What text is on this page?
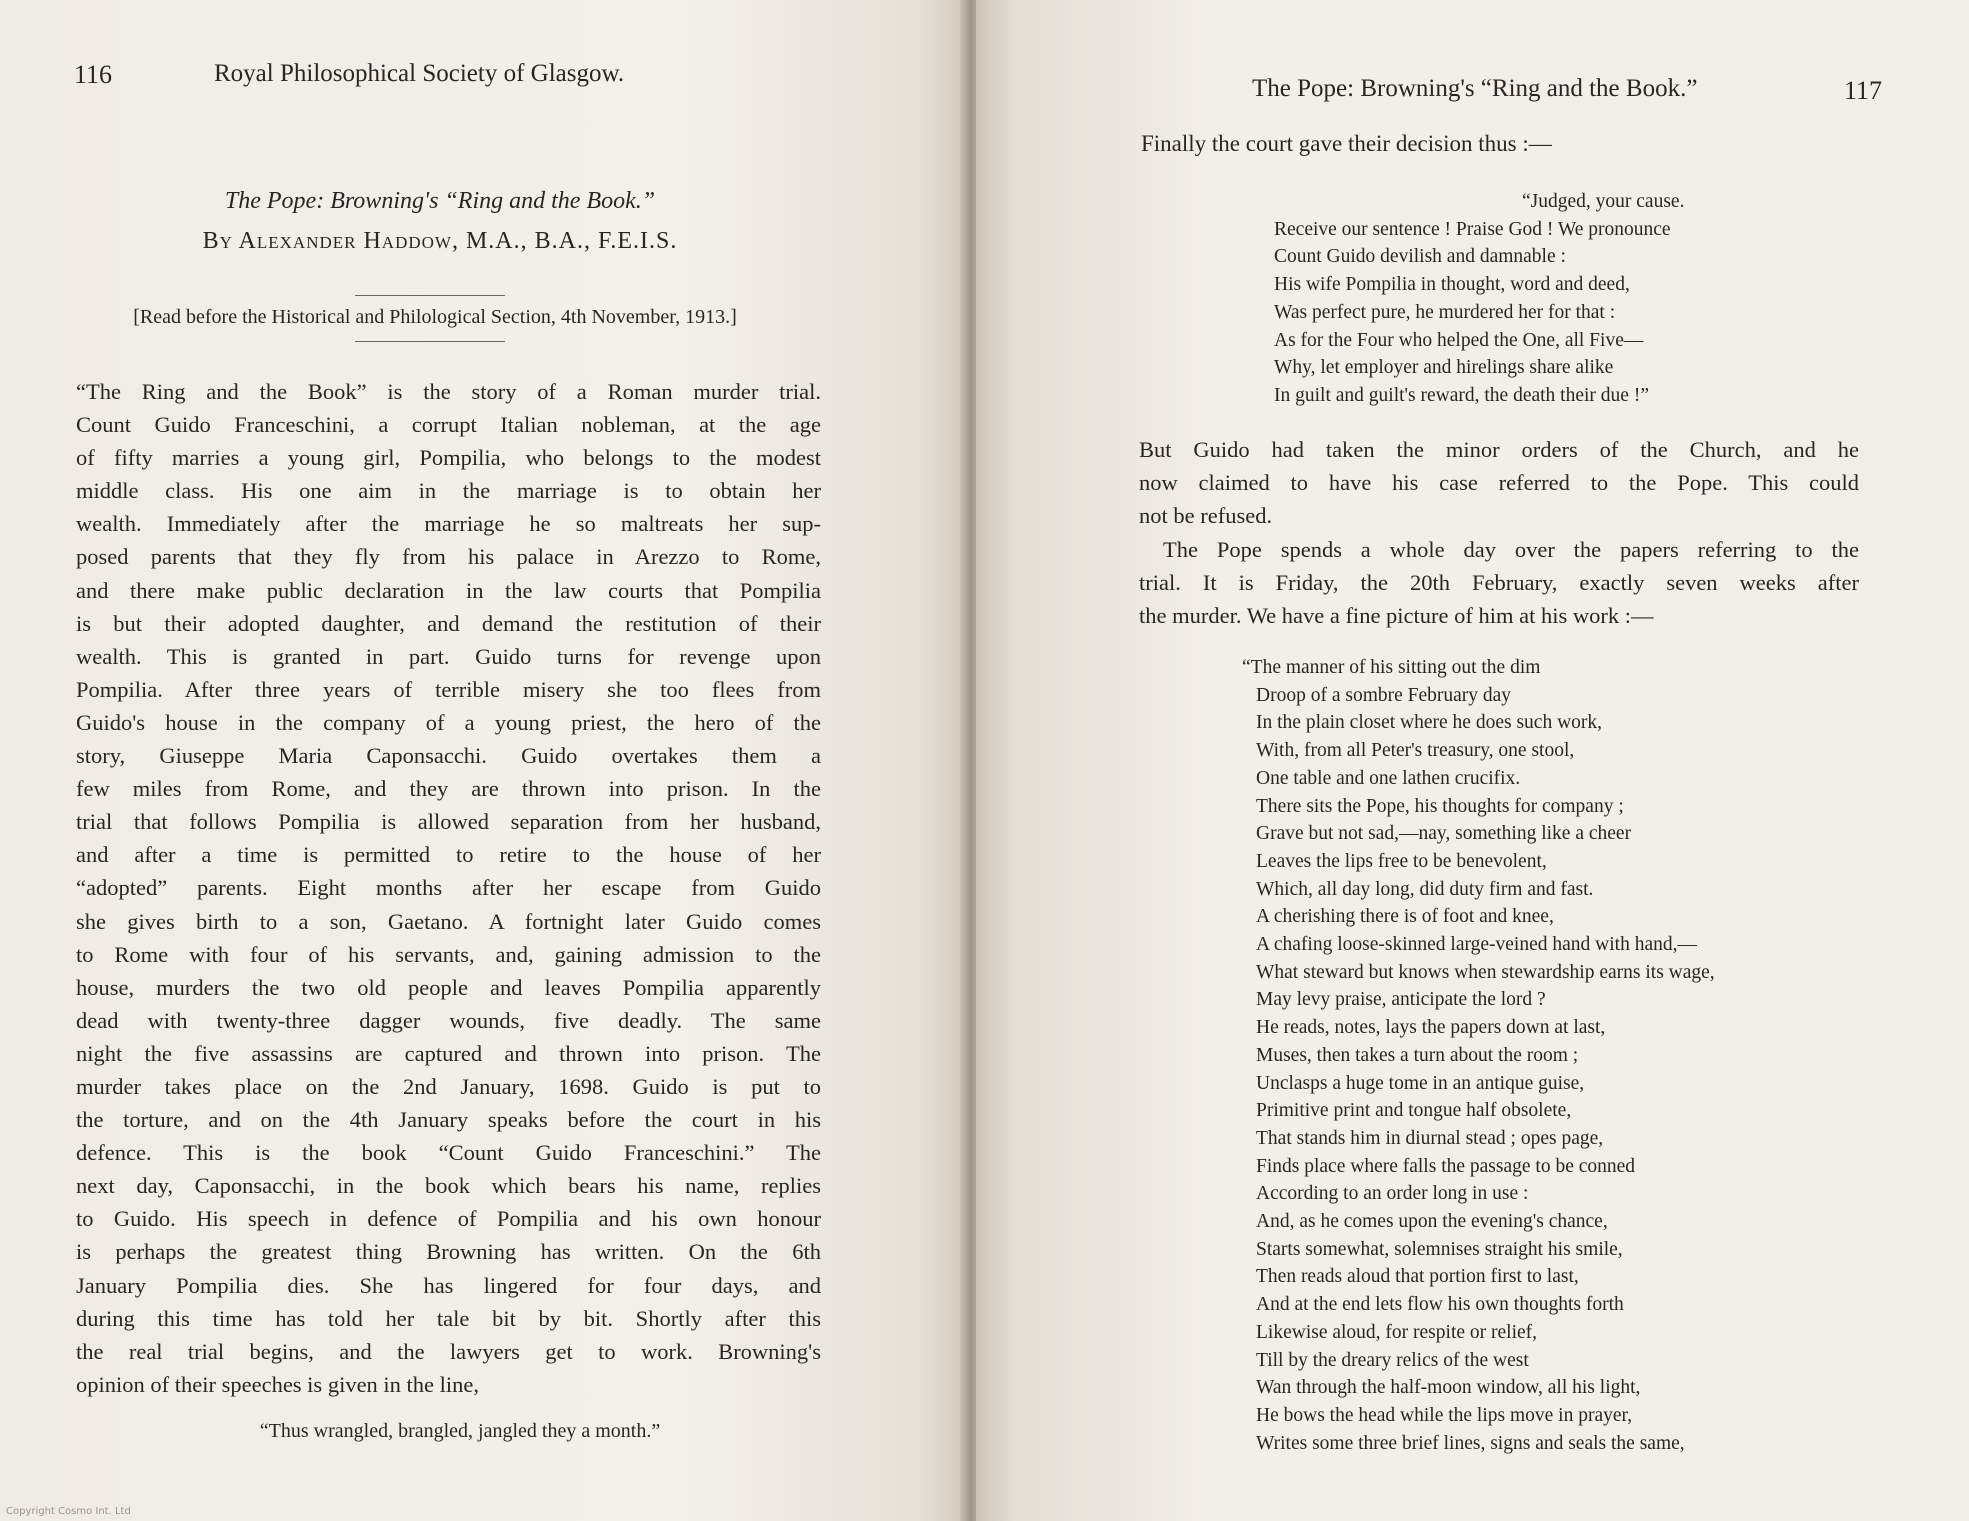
116	Royal Philosophical Society of Glasgow.
The Pope: Browning's “Ring and the Book.”
By Alexander Haddow, M.A., B.A., F.E.I.S.
[Read before the Historical and Philological Section, 4th November, 1913.]
“The Ring and the Book” is the story of a Roman murder trial.
Count Guido Franceschini, a corrupt Italian nobleman, at the age
of fifty marries a young girl, Pompilia, who belongs to the modest
middle class. His one aim in the marriage is to obtain her
wealth. Immediately after the marriage he so maltreats her sup-
posed parents that they fly from his palace in Arezzo to Rome,
and there make public declaration in the law courts that Pompilia
is but their adopted daughter, and demand the restitution of their
wealth. This is granted in part. Guido turns for revenge upon
Pompilia. After three years of terrible misery she too flees from
Guido's house in the company of a young priest, the hero of the
story, Giuseppe Maria Caponsacchi. Guido overtakes them a
few miles from Rome, and they are thrown into prison. In the
trial that follows Pompilia is allowed separation from her husband,
and after a time is permitted to retire to the house of her
“adopted” parents. Eight months after her escape from Guido
she gives birth to a son, Gaetano. A fortnight later Guido comes
to Rome with four of his servants, and, gaining admission to the
house, murders the two old people and leaves Pompilia apparently
dead with twenty-three dagger wounds, five deadly. The same
night the five assassins are captured and thrown into prison. The
murder takes place on the 2nd January, 1698. Guido is put to
the torture, and on the 4th January speaks before the court in his
defence. This is the book “Count Guido Franceschini.” The
next day, Caponsacchi, in the book which bears his name, replies
to Guido. His speech in defence of Pompilia and his own honour
is perhaps the greatest thing Browning has written. On the 6th
January Pompilia dies. She has lingered for four days, and
during this time has told her tale bit by bit. Shortly after this
the real trial begins, and the lawyers get to work. Browning's
opinion of their speeches is given in the line,
“Thus wrangled, brangled, jangled they a month.”
The Pope: Browning's “Ring and the Book.”	117
Finally the court gave their decision thus :—
“Judged, your cause.
Receive our sentence ! Praise God ! We pronounce
Count Guido devilish and damnable :
His wife Pompilia in thought, word and deed,
Was perfect pure, he murdered her for that :
As for the Four who helped the One, all Five—
Why, let employer and hirelings share alike
In guilt and guilt's reward, the death their due !”
But Guido had taken the minor orders of the Church, and he
now claimed to have his case referred to the Pope. This could
not be refused.
The Pope spends a whole day over the papers referring to the
trial. It is Friday, the 20th February, exactly seven weeks after
the murder. We have a fine picture of him at his work :—
“The manner of his sitting out the dim
Droop of a sombre February day
In the plain closet where he does such work,
With, from all Peter's treasury, one stool,
One table and one lathen crucifix.
There sits the Pope, his thoughts for company ;
Grave but not sad,—nay, something like a cheer
Leaves the lips free to be benevolent,
Which, all day long, did duty firm and fast.
A cherishing there is of foot and knee,
A chafing loose-skinned large-veined hand with hand,—
What steward but knows when stewardship earns its wage,
May levy praise, anticipate the lord ?
He reads, notes, lays the papers down at last,
Muses, then takes a turn about the room ;
Unclasps a huge tome in an antique guise,
Primitive print and tongue half obsolete,
That stands him in diurnal stead ; opes page,
Finds place where falls the passage to be conned
According to an order long in use :
And, as he comes upon the evening's chance,
Starts somewhat, solemnises straight his smile,
Then reads aloud that portion first to last,
And at the end lets flow his own thoughts forth
Likewise aloud, for respite or relief,
Till by the dreary relics of the west
Wan through the half-moon window, all his light,
He bows the head while the lips move in prayer,
Writes some three brief lines, signs and seals the same,
Copyright Cosmo Int. Ltd
